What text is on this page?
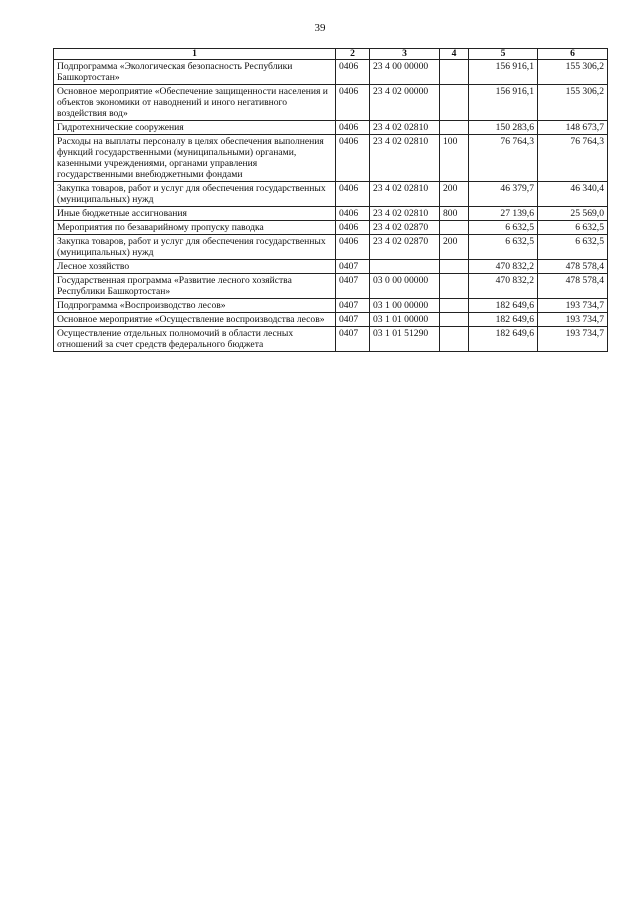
39
1	2	3	4	5	6
Подпрограмма «Экологическая безопасность Республики Башкортостан»	0406	23 4 00 00000		156 916,1	155 306,2
Основное мероприятие «Обеспечение защищенности населения и объектов экономики от наводнений и иного негативного воздействия вод»	0406	23 4 02 00000		156 916,1	155 306,2
Гидротехнические сооружения	0406	23 4 02 02810		150 283,6	148 673,7
Расходы на выплаты персоналу в целях обеспечения выполнения функций государственными (муниципальными) органами, казенными учреждениями, органами управления государственными внебюджетными фондами	0406	23 4 02 02810	100	76 764,3	76 764,3
Закупка товаров, работ и услуг для обеспечения государственных (муниципальных) нужд	0406	23 4 02 02810	200	46 379,7	46 340,4
Иные бюджетные ассигнования	0406	23 4 02 02810	800	27 139,6	25 569,0
Мероприятия по безаварийному пропуску паводка	0406	23 4 02 02870		6 632,5	6 632,5
Закупка товаров, работ и услуг для обеспечения государственных (муниципальных) нужд	0406	23 4 02 02870	200	6 632,5	6 632,5
Лесное хозяйство	0407			470 832,2	478 578,4
Государственная программа «Развитие лесного хозяйства Республики Башкортостан»	0407	03 0 00 00000		470 832,2	478 578,4
Подпрограмма «Воспроизводство лесов»	0407	03 1 00 00000		182 649,6	193 734,7
Основное мероприятие «Осуществление воспроизводства лесов»	0407	03 1 01 00000		182 649,6	193 734,7
Осуществление отдельных полномочий в области лесных отношений за счет средств федерального бюджета	0407	03 1 01 51290		182 649,6	193 734,7
